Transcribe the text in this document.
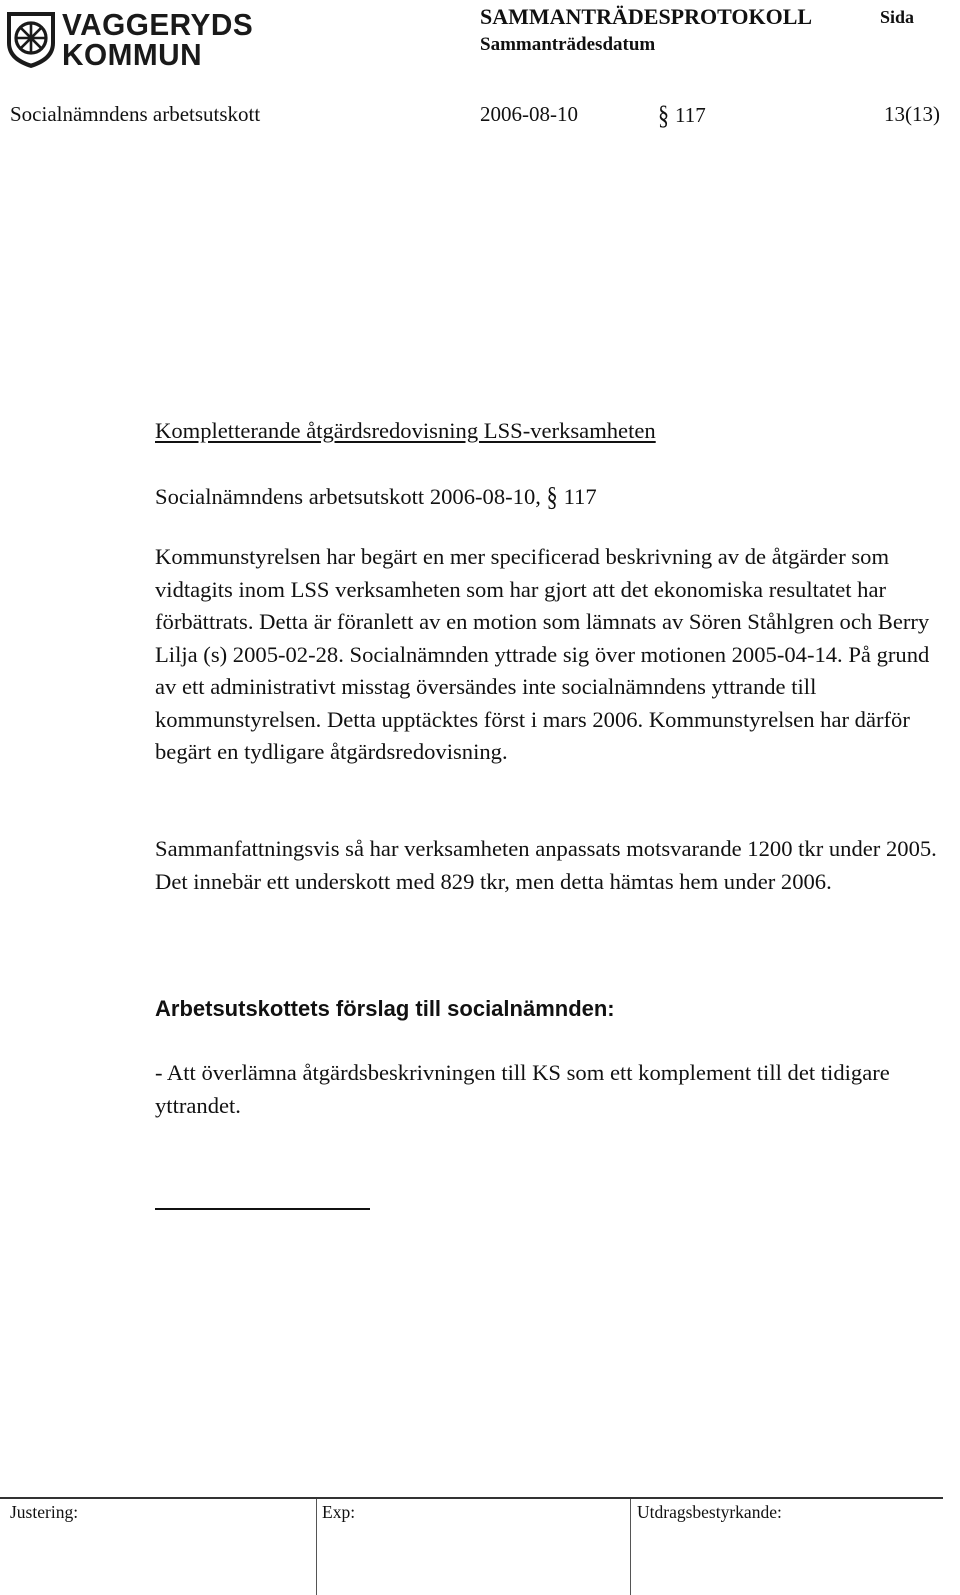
VAGGERYDS
KOMMUN
SAMMANTRÄDESPROTOKOLL	Sida
Sammanträdesdatum
Socialnämndens arbetsutskott	2006-08-10	§ 117	13(13)
Kompletterande åtgärdsredovisning LSS-verksamheten
Socialnämndens arbetsutskott 2006-08-10, § 117

Kommunstyrelsen har begärt en mer specificerad beskrivning av de åtgärder som vidtagits inom LSS verksamheten som har gjort att det ekonomiska resultatet har förbättrats. Detta är föranlett av en motion som lämnats av Sören Ståhlgren och Berry Lilja (s) 2005-02-28. Socialnämnden yttrade sig över motionen 2005-04-14. På grund av ett administrativt misstag översändes inte socialnämndens yttrande till kommunstyrelsen. Detta upptäcktes först i mars 2006. Kommunstyrelsen har därför begärt en tydligare åtgärdsredovisning.

Sammanfattningsvis så har verksamheten anpassats motsvarande 1200 tkr under 2005. Det innebär ett underskott med 829 tkr, men detta hämtas hem under 2006.

Arbetsutskottets förslag till socialnämnden:

- Att överlämna åtgärdsbeskrivningen till KS som ett komplement till det tidigare yttrandet.

Justering:	Exp:	Utdragsbestyrkande:
